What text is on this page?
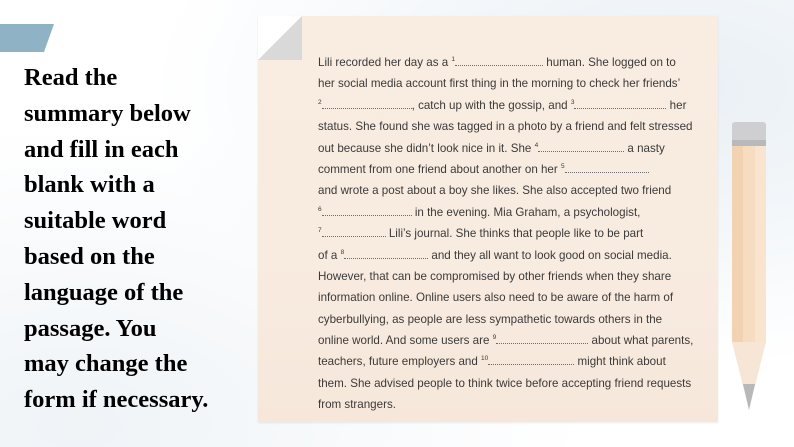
Read the
summary below
and fill in each
blank with a
suitable word
based on the
language of the
passage. You
may change the
form if necessary.
Lili recorded her day as a $^1$	human. She logged on to
her social media account first thing in the morning to check her friends’
$^2$	, catch up with the gossip, and $^3$	her
status. She found she was tagged in a photo by a friend and felt stressed
out because she didn’t look nice in it. She $^4$	a nasty
comment from one friend about another on her $^5$
and wrote a post about a boy she likes. She also accepted two friend
$^6$	in the evening. Mia Graham, a psychologist,
$^7$	Lili’s journal. She thinks that people like to be part
of a $^8$	and they all want to look good on social media.
However, that can be compromised by other friends when they share
information online. Online users also need to be aware of the harm of
cyberbullying, as people are less sympathetic towards others in the
online world. And some users are $^9$	about what parents,
teachers, future employers and $^{10}$	might think about
them. She advised people to think twice before accepting friend requests
from strangers.
